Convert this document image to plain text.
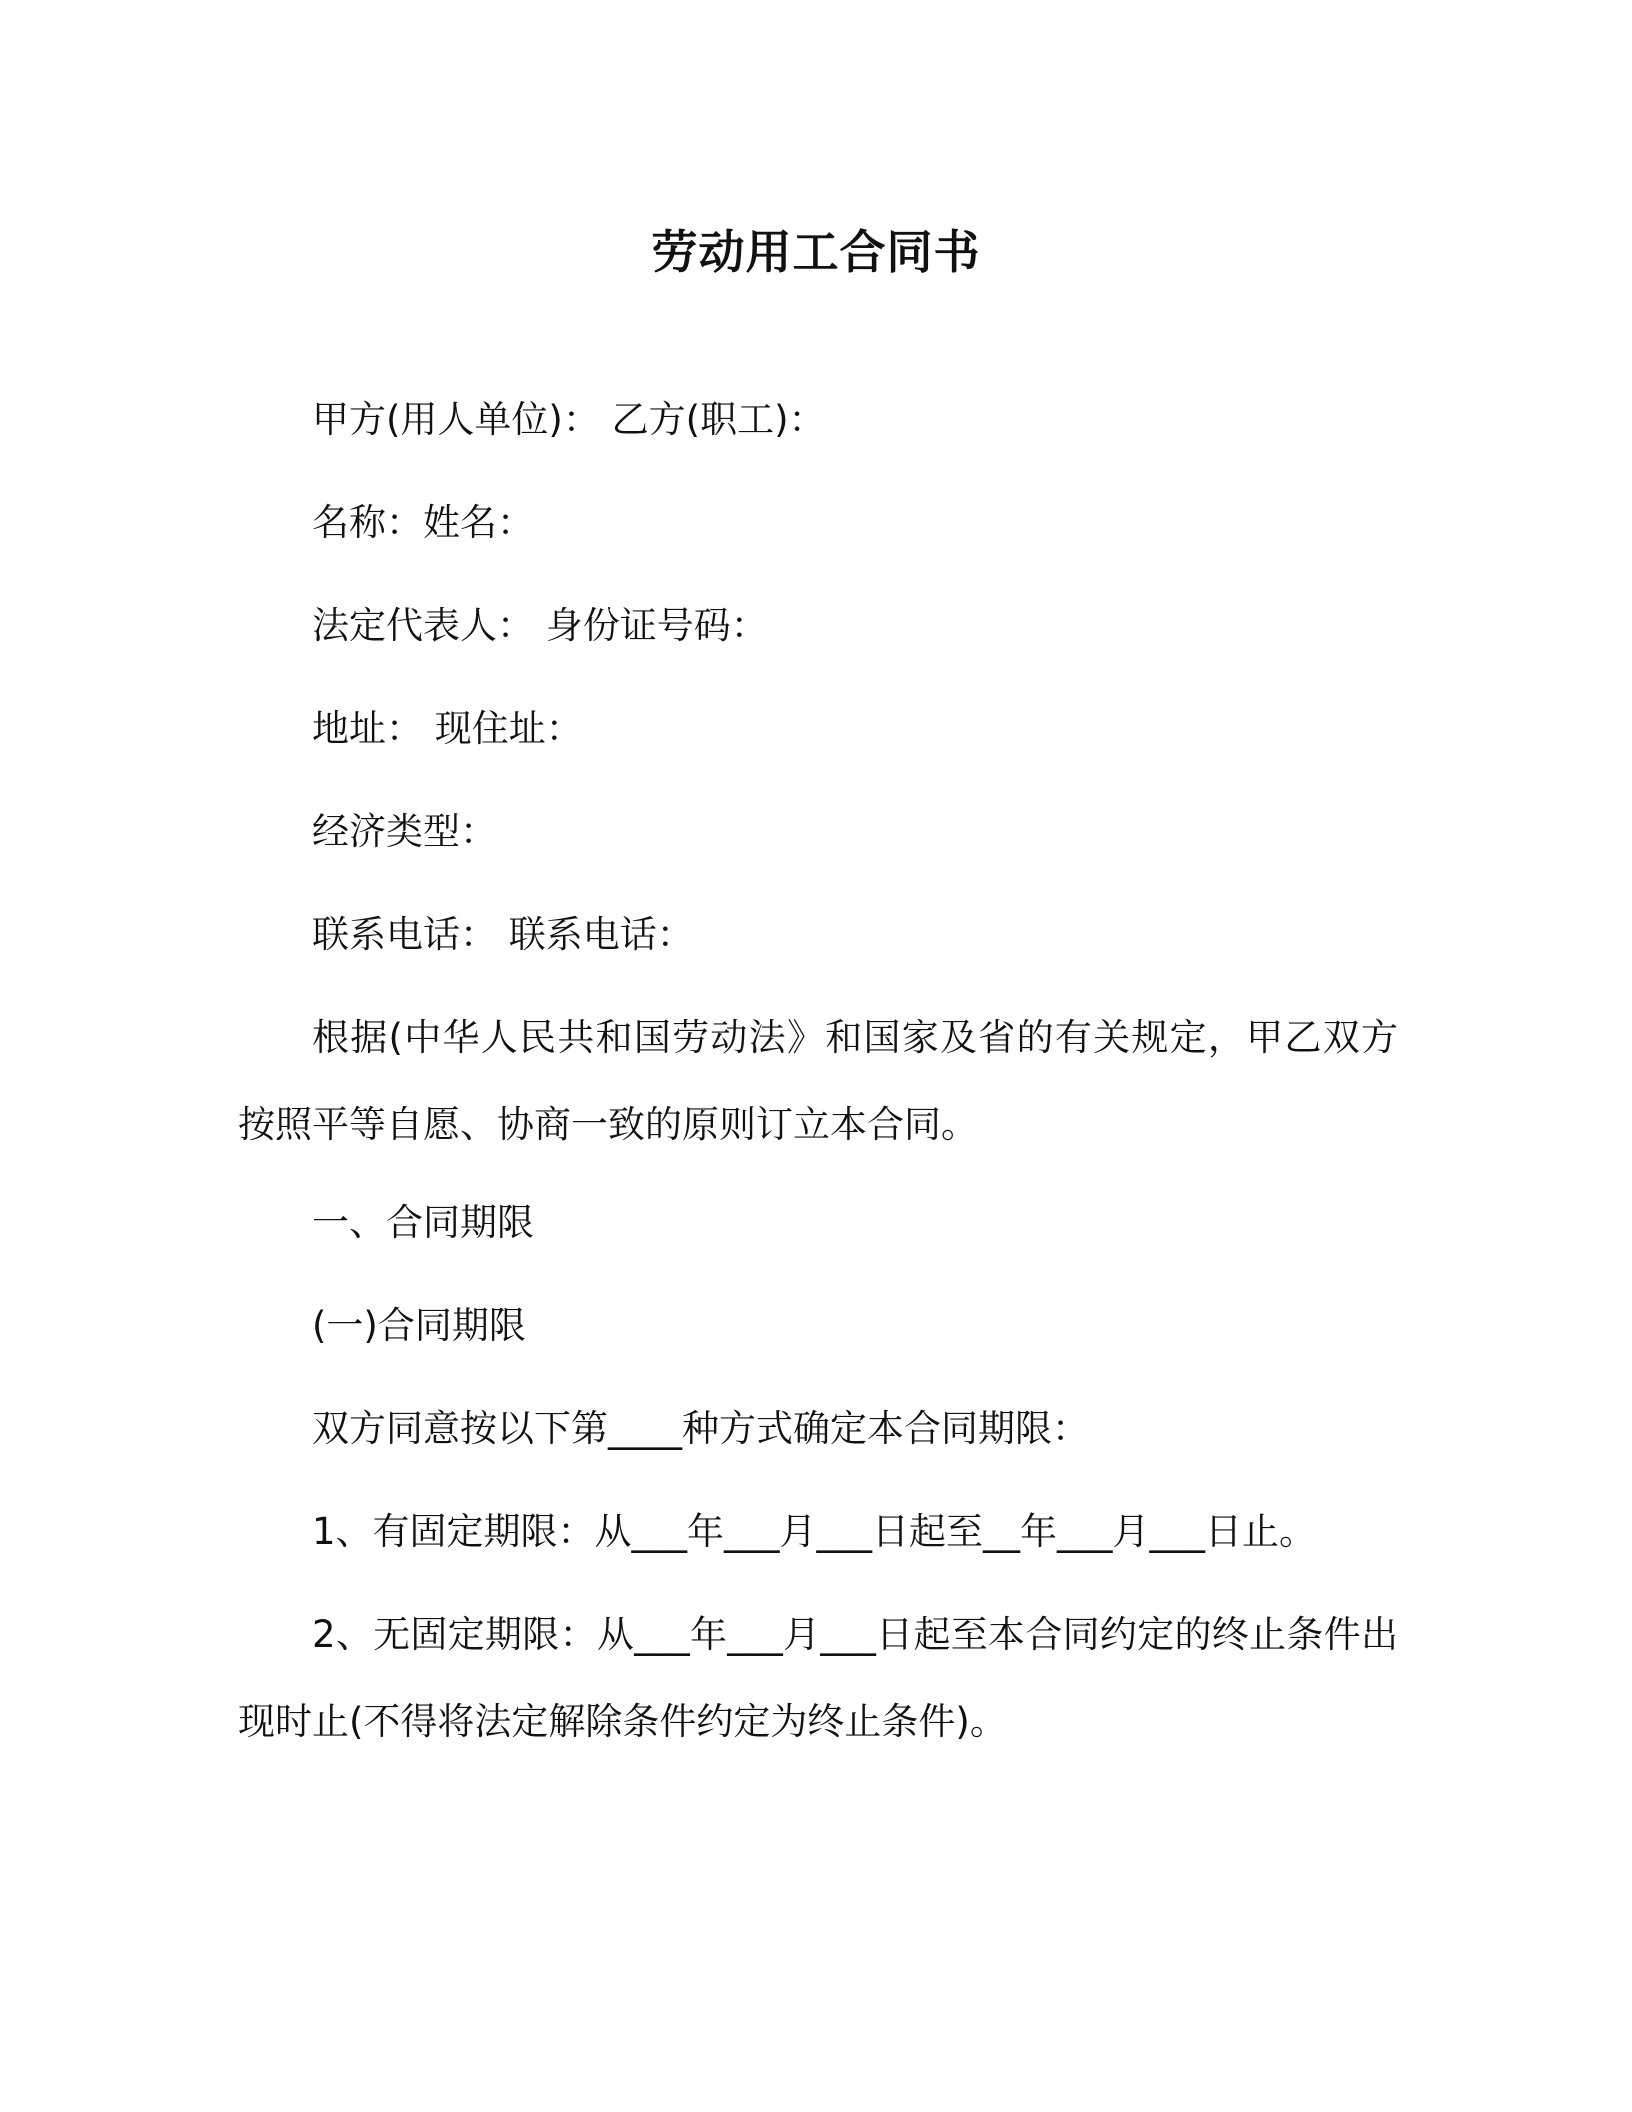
劳动用工合同书

甲方(用人单位)： 乙方(职工)：

名称：姓名：

法定代表人： 身份证号码：

地址： 现住址：

经济类型：

联系电话： 联系电话：

根据(中华人民共和国劳动法》和国家及省的有关规定，甲乙双方按照平等自愿、协商一致的原则订立本合同。

一、合同期限

(一)合同期限

双方同意按以下第____种方式确定本合同期限：

1、有固定期限：从___年___月___日起至__年___月___日止。

2、无固定期限：从___年___月___日起至本合同约定的终止条件出现时止(不得将法定解除条件约定为终止条件)。
